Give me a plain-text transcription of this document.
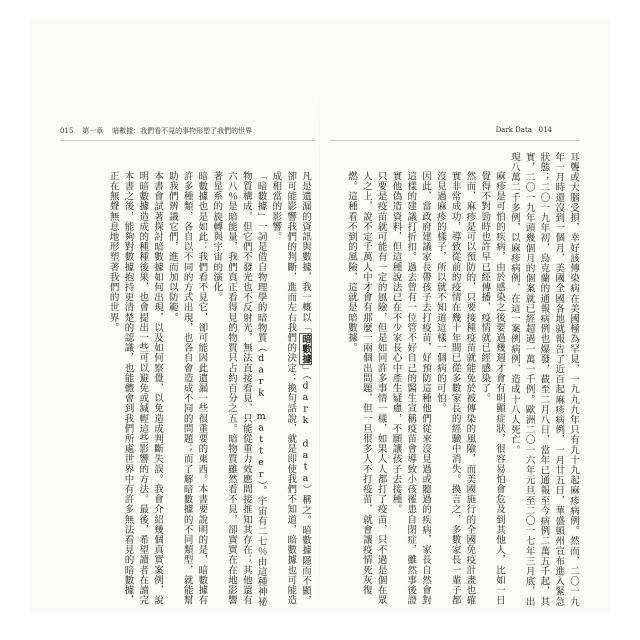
015 第一章 暗數據：我們看不見的事物形塑了我們的世界	Dark Data 014

耳聾或大腦受損，幸好該傳染病在美國極為罕見，一九九九年只有九十九起麻疹病例。然而，二〇一九年一月時還沒到一個月，美國全國各地就報告了近百起麻疹病例，一月廿五日，華盛頓州宣布進入緊急狀態；二〇一九年初，烏克蘭的通報病例也爆發，截至二月八日，當年已通報至今病例二萬五千起，其實，二〇一九年頭幾個月的個案就已經超過一萬一千例。歐洲二〇一六年元旦至二〇一七年三月底，出現八萬二千多例，以麻疹病例，在這一案例病例，造成十八人死亡。

麻疹是可怕的疾病，由於感染之後要過幾週才會有明顯症狀，很容易怕會危及到其他人，比如一日覺得不對勁時也許早已經傳播，疫情就已經感染了。

然而，麻疹是可以預防的，只要接種疫苗就能免於被傳染的風險，而美國施行的全國免疫計畫也確實非常成功，導致從前的疫情在幾十年間已從多數家長的經驗中消失。換言之，多數家長一輩子都沒見過麻疹的樣子，所以就不知道這樣一個病的可怕。

因此，當政府建議家長帶孩子去打疫苗，好預防這種他們從來沒見過或聽過的疾病，家長自然會對這樣的建議打折扣。過去曾有一位管不好自己的醫生宣稱疫苗會導致小孩罹患自閉症，雖然事後證實他偽造資料，但這種說法已在不少家長心中產生疑慮，不願讓孩子去接種。

只要是疫苗就可能有一定的風險，但是如同許多事情一樣，如果人人都打了疫苗，只不過是個在眾人之上，說不定千萬人中才會有那麼一兩個出問題，但一旦很多人不打疫苗，就會讓疫情死灰復燃。這種看不到的風險，這就是暗數據。

凡是遺漏的資訊與數據，我一概以「暗數據」（dark data）稱之。暗數據隱而不顯，卻可能影響我們的判斷，進而左右我們的決定；換句話說，就是即使我們不知道，暗數據也可能造成相當的影響。

「暗數據」一詞是借自物理學的暗物質（dark matter）。宇宙有二七％由這種神祕物質構成，但它們不發光也不反射光，無法直接看見，只能從重力效應間接推知其存在；其他還有六八％是暗能量，我們真正看得見的物質只占約百分之五。暗物質雖然看不見，卻實實在在地影響著星系的旋轉與宇宙的演化。

暗數據也是如此：我們看不見它，卻可能因此遺漏一些很重要的東西。本書要說明的是，暗數據有許多種類，各自以不同的方式出現，也各自會造成不同的問題；而了解暗數據的不同類型，就能幫助我們辨識它們，進而加以防範。

本書會試著探討暗數據如何出現，以及如何察覺，以免造成判斷失誤。我會介紹幾個真實案例，說明暗數據造成的種種後果，也會提出一些可以避免或減輕這些影響的方法。最後，希望讀者在讀完本書之後，能夠對數據抱持更清楚的認識，也能體會到我們所處世界中有許多無法看見的暗數據，正在無聲無息地形塑著我們的世界。
